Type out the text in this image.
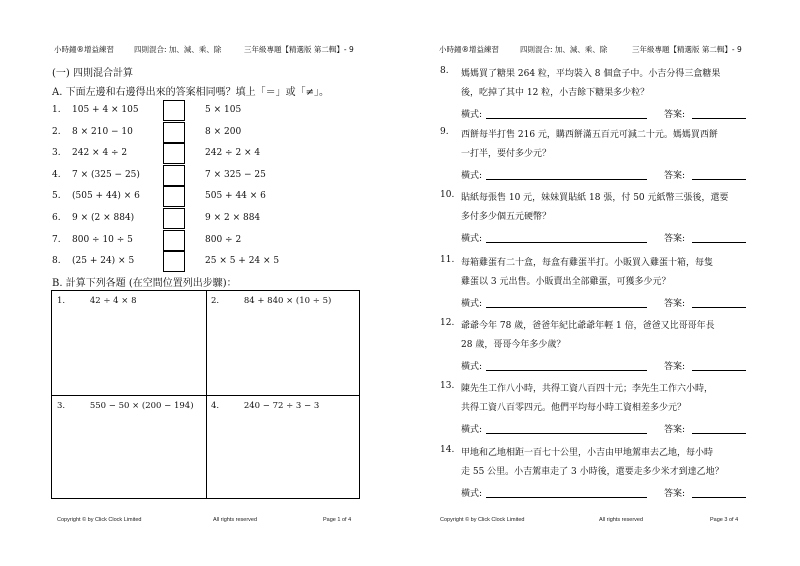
小時鐘®增益練習	四則混合: 加、減、乘、除	三年級專題【精選版 第二輯】- 9
(一) 四則混合計算
A. 下面左邊和右邊得出來的答案相同嗎？填上「＝」或「≠」。
1. 105 + 4 × 105	5 × 105
2. 8 × 210 − 10	8 × 200
3. 242 × 4 ÷ 2	242 ÷ 2 × 4
4. 7 × (325 − 25)	7 × 325 − 25
5. (505 + 44) × 6	505 + 44 × 6
6. 9 × (2 × 884)	9 × 2 × 884
7. 800 ÷ 10 ÷ 5	800 ÷ 2
8. (25 + 24) × 5	25 × 5 + 24 × 5
B. 計算下列各題 (在空間位置列出步驟)：
1.	42 ÷ 4 × 8	2.	84 + 840 × (10 ÷ 5)
3.	550 − 50 × (200 − 194) 4.	240 − 72 ÷ 3 − 3
Copyright © by Click Clock Limited	All rights reserved	Page 1 of 4
小時鐘®增益練習	四則混合: 加、減、乘、除	三年級專題【精選版 第二輯】- 9
8. 媽媽買了糖果 264 粒，平均裝入 8 個盒子中。小吉分得三盒糖果
後，吃掉了其中 12 粒，小吉餘下糖果多少粒？
橫式:	答案:
9. 西餅每半打售 216 元，購西餅滿五百元可減二十元。媽媽買西餅
一打半，要付多少元？
橫式:	答案:
10. 貼紙每張售 10 元，妹妹買貼紙 18 張，付 50 元紙幣三張後，還要
多付多少個五元硬幣？
橫式:	答案:
11. 每箱雞蛋有二十盒，每盒有雞蛋半打。小販買入雞蛋十箱，每隻
雞蛋以 3 元出售。小販賣出全部雞蛋，可獲多少元？
橫式:	答案:
12. 爺爺今年 78 歲，爸爸年紀比爺爺年輕 1 倍，爸爸又比哥哥年長
28 歲，哥哥今年多少歲？
橫式:	答案:
13. 陳先生工作八小時，共得工資八百四十元；李先生工作六小時，
共得工資八百零四元。他們平均每小時工資相差多少元？
橫式:	答案:
14. 甲地和乙地相距一百七十公里，小吉由甲地駕車去乙地，每小時
走 55 公里。小吉駕車走了 3 小時後，還要走多少米才到達乙地？
橫式:	答案:
Copyright © by Click Clock Limited	All rights reserved	Page 3 of 4
